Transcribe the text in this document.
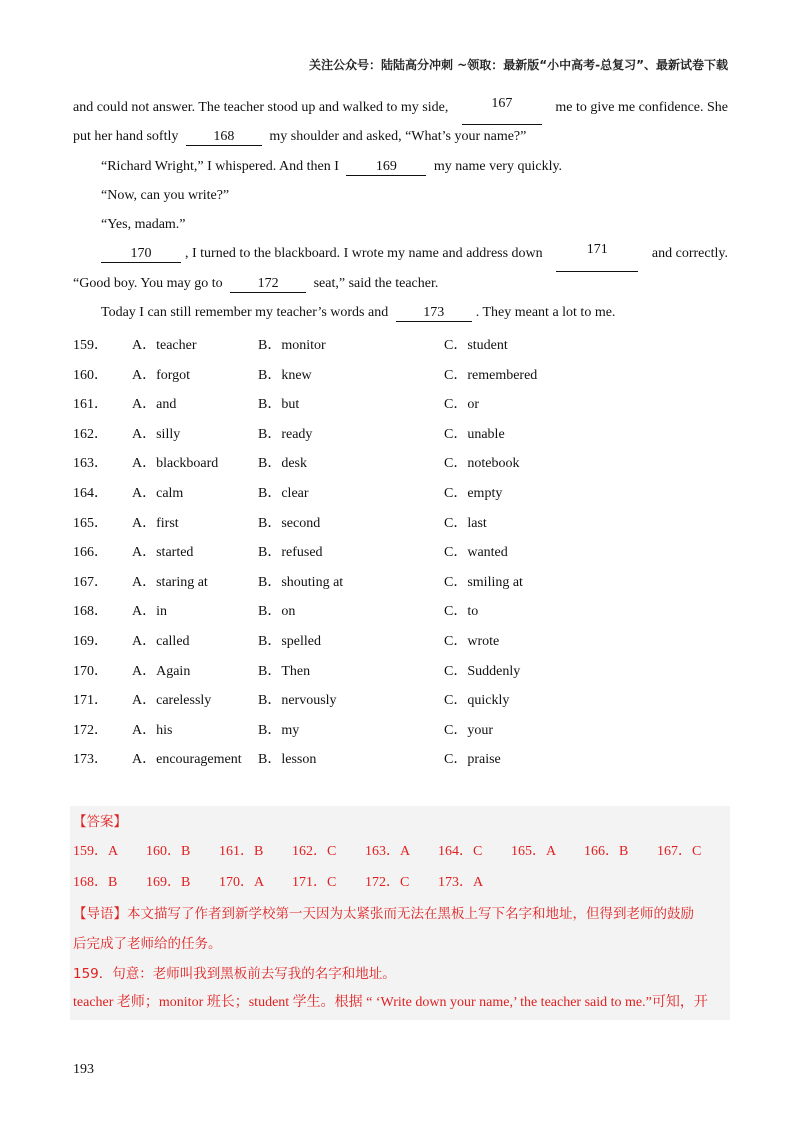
关注公众号：陆陆高分冲刺 ~领取：最新版“小中高考-总复习”、最新试卷下载
and could not answer. The teacher stood up and walked to my side,	167	me to give me confidence. She
put her hand softly	168	my shoulder and asked, “What’s your name?”
“Richard Wright,” I whispered. And then I	169	my name very quickly.
“Now, can you write?”
“Yes, madam.”
170 , I turned to the blackboard. I wrote my name and address down	171	and correctly.
“Good boy. You may go to	172	seat,” said the teacher.
Today I can still remember my teacher’s words and	173 . They meant a lot to me.
159． A．teacher	B．monitor	C．student
160． A．forgot	B．knew	C．remembered
161． A．and	B．but	C．or
162． A．silly	B．ready	C．unable
163． A．blackboard	B．desk	C．notebook
164． A．calm	B．clear	C．empty
165． A．first	B．second	C．last
166． A．started	B．refused	C．wanted
167． A．staring at	B．shouting at	C．smiling at
168． A．in	B．on	C．to
169． A．called	B．spelled	C．wrote
170． A．Again	B．Then	C．Suddenly
171． A．carelessly	B．nervously	C．quickly
172． A．his	B．my	C．your
173． A．encouragement B．lesson	C．praise
【答案】
159．A 160．B 161．B 162．C 163．A 164．C 165．A 166．B 167．C
168．B 169．B 170．A 171．C 172．C 173．A
【导语】本文描写了作者到新学校第一天因为太紧张而无法在黑板上写下名字和地址，但得到老师的鼓励
后完成了老师给的任务。
159．句意：老师叫我到黑板前去写我的名字和地址。
teacher 老师；monitor 班长；student 学生。根据 “ ‘Write down your name,’ the teacher said to me.”可知，开
193
